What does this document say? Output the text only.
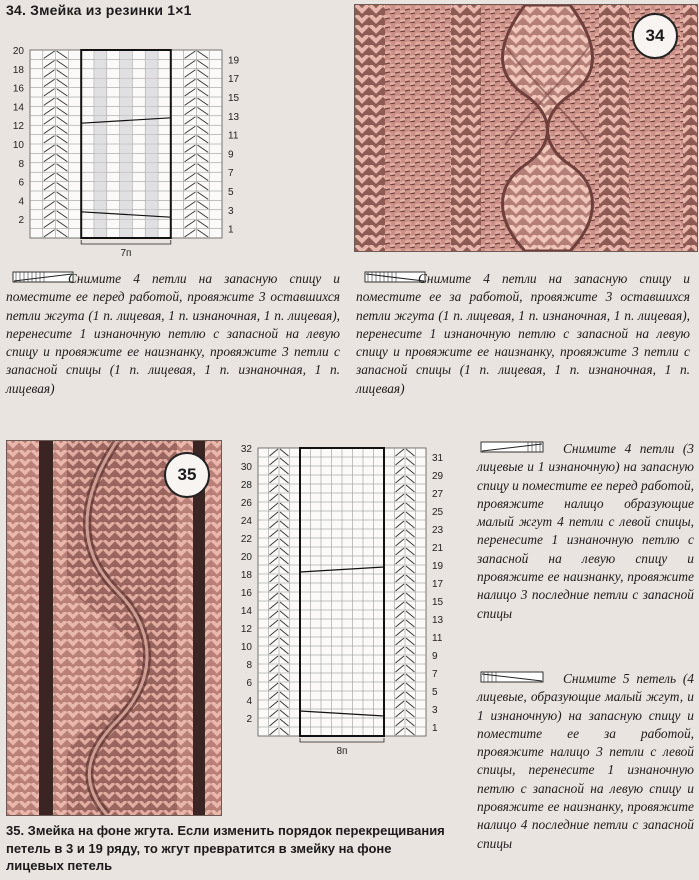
34. Змейка из резинки 1×1
20
18
16
14
12
10
8
6
4
2
19
17
15
13
11
9
7
5
3
1
7п
34
Снимите 4 петли на запасную спицу и поместите ее перед работой, провяжите 3 оставшихся петли жгута (1 п. лицевая, 1 п. изнаночная, 1 п. лицевая), перенесите 1 изнаночную петлю с запасной на левую спицу и провяжите ее наизнанку, провяжите 3 петли с запасной спицы (1 п. лицевая, 1 п. изнаночная, 1 п. лицевая)
Снимите 4 петли на запасную спицу и поместите ее за работой, провяжите 3 оставшихся петли жгута (1 п. лицевая, 1 п. изнаночная, 1 п. лицевая), перенесите 1 изнаночную петлю с запасной на левую спицу и провяжите ее наизнанку, провяжите 3 петли с запасной спицы (1 п. лицевая, 1 п. изнаночная, 1 п. лицевая)
35
32
30
28
26
24
22
20
18
16
14
12
10
8
6
4
2
31
29
27
25
23
21
19
17
15
13
11
9
7
5
3
1
8п
Снимите 4 петли (3 лицевые и 1 изнаночную) на запасную спицу и поместите ее перед работой, провяжите налицо образующие малый жгут 4 петли с левой спицы, перенесите 1 изнаночную петлю с запасной на левую спицу и провяжите ее наизнанку, провяжите налицо 3 последние петли с запасной спицы
Снимите 5 петель (4 лицевые, образующие малый жгут, и 1 изнаночную) на запасную спицу и поместите ее за работой, провяжите налицо 3 петли с левой спицы, перенесите 1 изнаночную петлю с запасной на левую спицу и провяжите ее наизнанку, провяжите налицо 4 последние петли с запасной спицы
35. Змейка на фоне жгута. Если изменить порядок перекрещивания петель в 3 и 19 ряду, то жгут превратится в змейку на фоне лицевых петель
